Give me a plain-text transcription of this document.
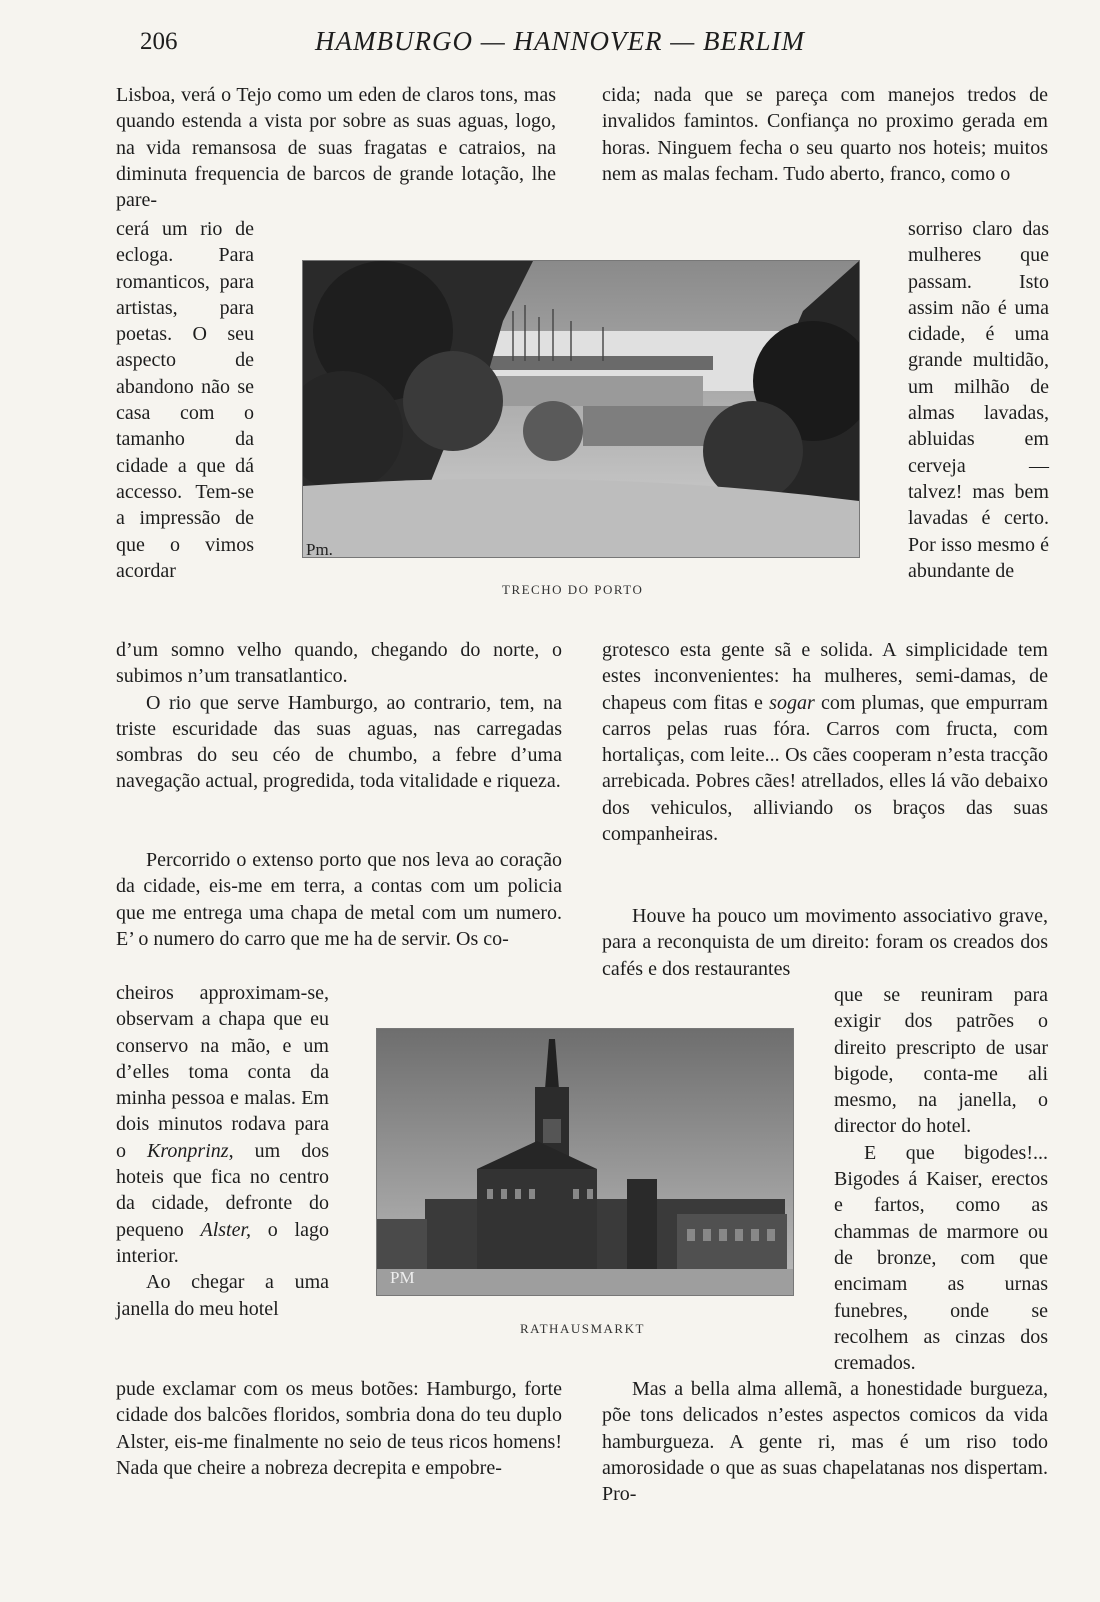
206	HAMBURGO — HANNOVER — BERLIM

Lisboa, verá o Tejo como um eden de claros tons, mas quando estenda a vista por sobre as suas aguas, logo, na vida remansosa de suas fragatas e catraios, na diminuta frequencia de barcos de grande lotação, lhe pare-

cerá um rio de ecloga. Para romanticos, para artistas, para poetas. O seu aspecto de abandono não se casa com o tamanho da cidade a que dá accesso. Tem-se a impressão de que o vimos acordar

d’um somno velho quando, chegando do norte, o subimos n’um transatlantico.

O rio que serve Hamburgo, ao contrario, tem, na triste escuridade das suas aguas, nas carregadas sombras do seu céo de chumbo, a febre d’uma navegação actual, progredida, toda vitalidade e riqueza.

Percorrido o extenso porto que nos leva ao coração da cidade, eis-me em terra, a contas com um policia que me entrega uma chapa de metal com um numero. E’ o numero do carro que me ha de servir. Os co-

cheiros approximam-se, observam a chapa que eu conservo na mão, e um d’elles toma conta da minha pessoa e malas. Em dois minutos rodava para o Kronprinz, um dos hoteis que fica no centro da cidade, defronte do pequeno Alster, o lago interior.

Ao chegar a uma janella do meu hotel

pude exclamar com os meus botões: Hamburgo, forte cidade dos balcões floridos, sombria dona do teu duplo Alster, eis-me finalmente no seio de teus ricos homens! Nada que cheire a nobreza decrepita e empobre-

cida; nada que se pareça com manejos tredos de invalidos famintos. Confiança no proximo gerada em horas. Ninguem fecha o seu quarto nos hoteis; muitos nem as malas fecham. Tudo aberto, franco, como o

sorriso claro das mulheres que passam. Isto assim não é uma cidade, é uma grande multidão, um milhão de almas lavadas, abluidas em cerveja — talvez! mas bem lavadas é certo. Por isso mesmo é abundante de

grotesco esta gente sã e solida. A simplicidade tem estes inconvenientes: ha mulheres, semi-damas, de chapeus com fitas e sogar com plumas, que empurram carros pelas ruas fóra. Carros com fructa, com hortaliças, com leite... Os cães cooperam n’esta tracção arrebicada. Pobres cães! atrellados, elles lá vão debaixo dos vehiculos, alliviando os braços das suas companheiras.

Houve ha pouco um movimento associativo grave, para a reconquista de um direito: foram os creados dos cafés e dos restaurantes

que se reuniram para exigir dos patrões o direito prescripto de usar bigode, conta-me ali mesmo, na janella, o director do hotel.

E que bigodes!... Bigodes á Kaiser, erectos e fartos, como as chammas de marmore ou de bronze, com que encimam as urnas funebres, onde se recolhem as cinzas dos cremados.

Mas a bella alma allemã, a honestidade burgueza, põe tons delicados n’estes aspectos comicos da vida hamburgueza. A gente ri, mas é um riso todo amorosidade o que as suas chapelatanas nos dispertam. Pro-

Pm.
TRECHO DO PORTO
PM
RATHAUSMARKT
